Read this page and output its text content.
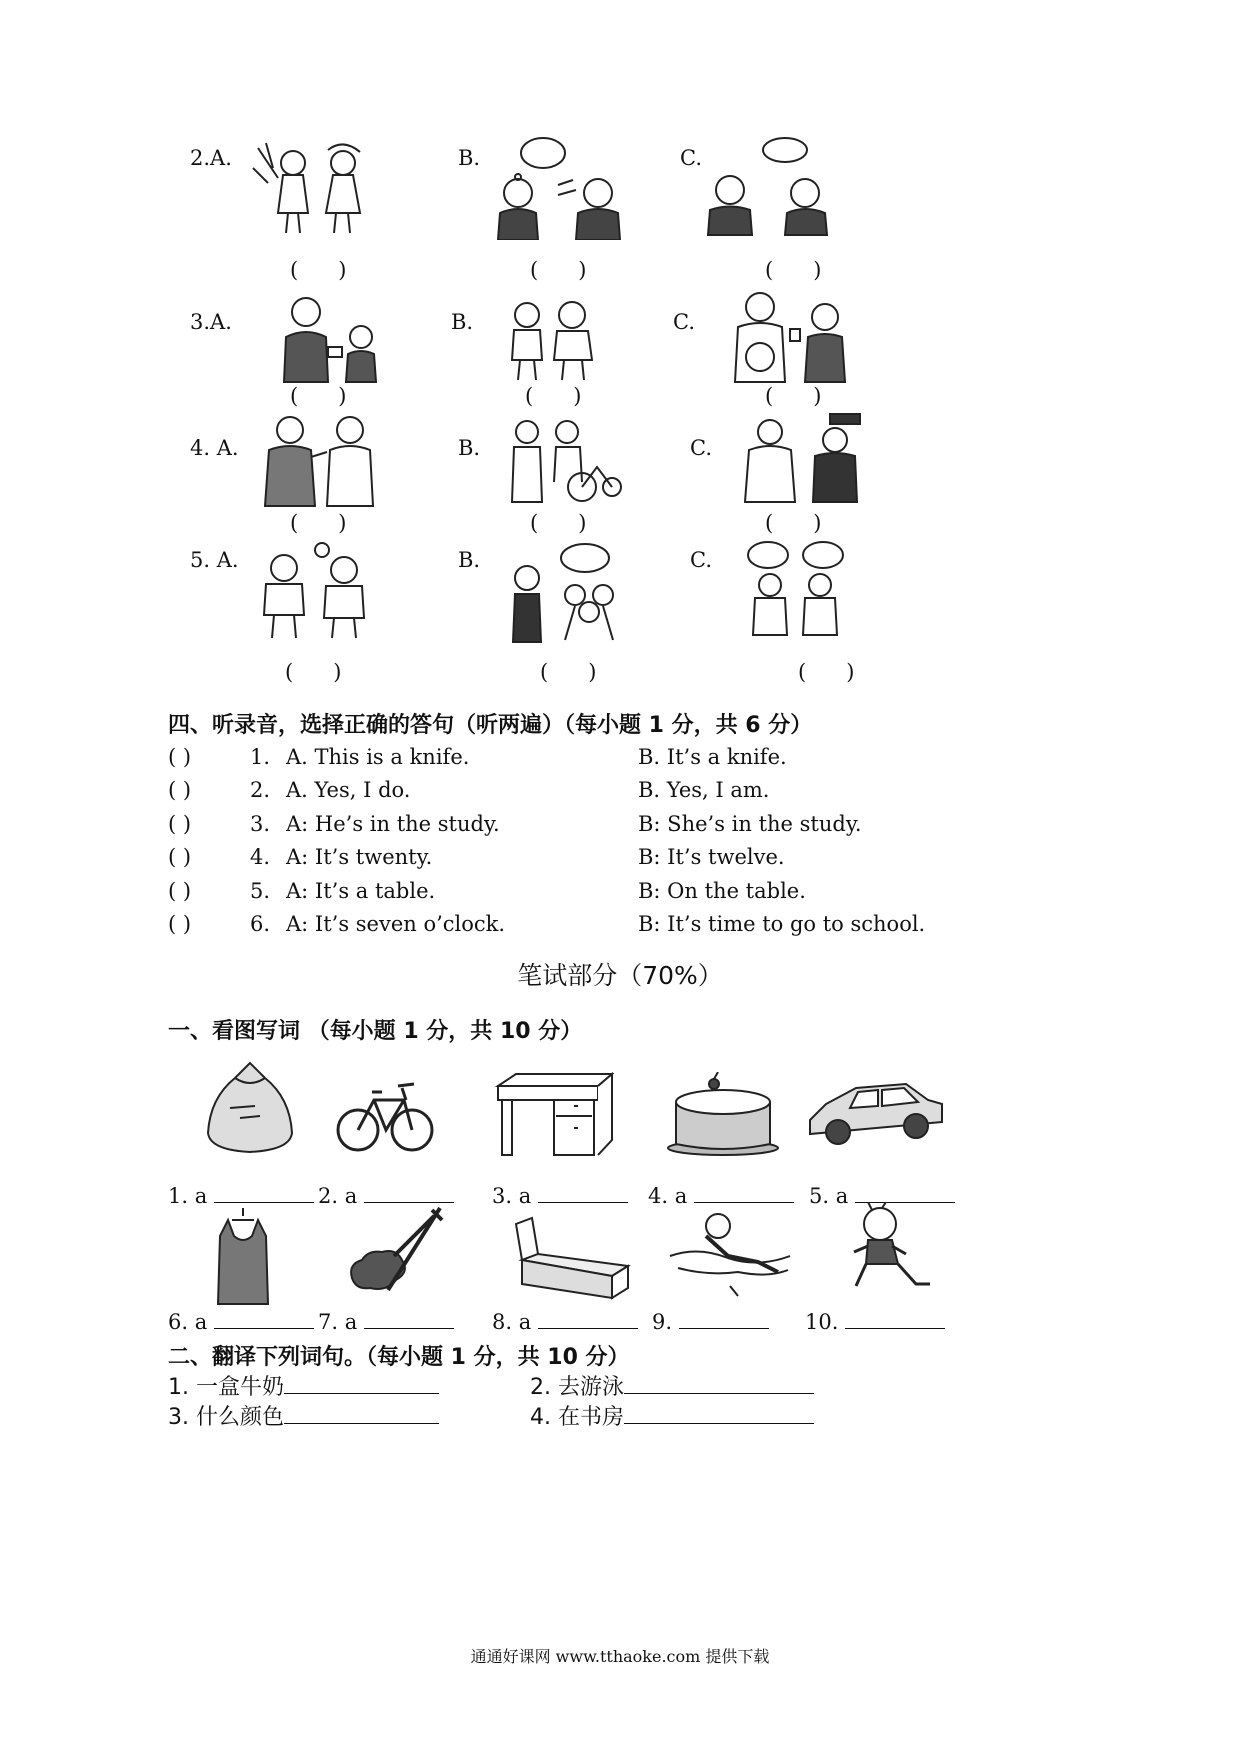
2.A.	B.	C.
(      )	(      )	(      )
3.A.	B.	C.
(      )	(      )	(      )
4. A.	B.	C.
(      )	(      )	(      )
5. A.	B.	C.
(      )	(      )	(      )
四、听录音，选择正确的答句（听两遍）（每小题 1 分，共 6 分）
( )	1. A. This is a knife.	B. It’s a knife.
( )	2. A. Yes, I do.	B. Yes, I am.
( )	3. A: He’s in the study.	B: She’s in the study.
( )	4. A: It’s twenty.	B: It’s twelve.
( )	5. A: It’s a table.	B: On the table.
( )	6. A: It’s seven o’clock.	B: It’s time to go to school.
笔试部分（70%）
一、看图写词 （每小题 1 分，共 10 分）
1. a	2. a	3. a	4. a	5. a
6. a	7. a	8. a	9.	10.
二、翻译下列词句。（每小题 1 分，共 10 分）
1. 一盒牛奶	2. 去游泳
3. 什么颜色	4. 在书房
通通好课网 www.tthaoke.com 提供下载
